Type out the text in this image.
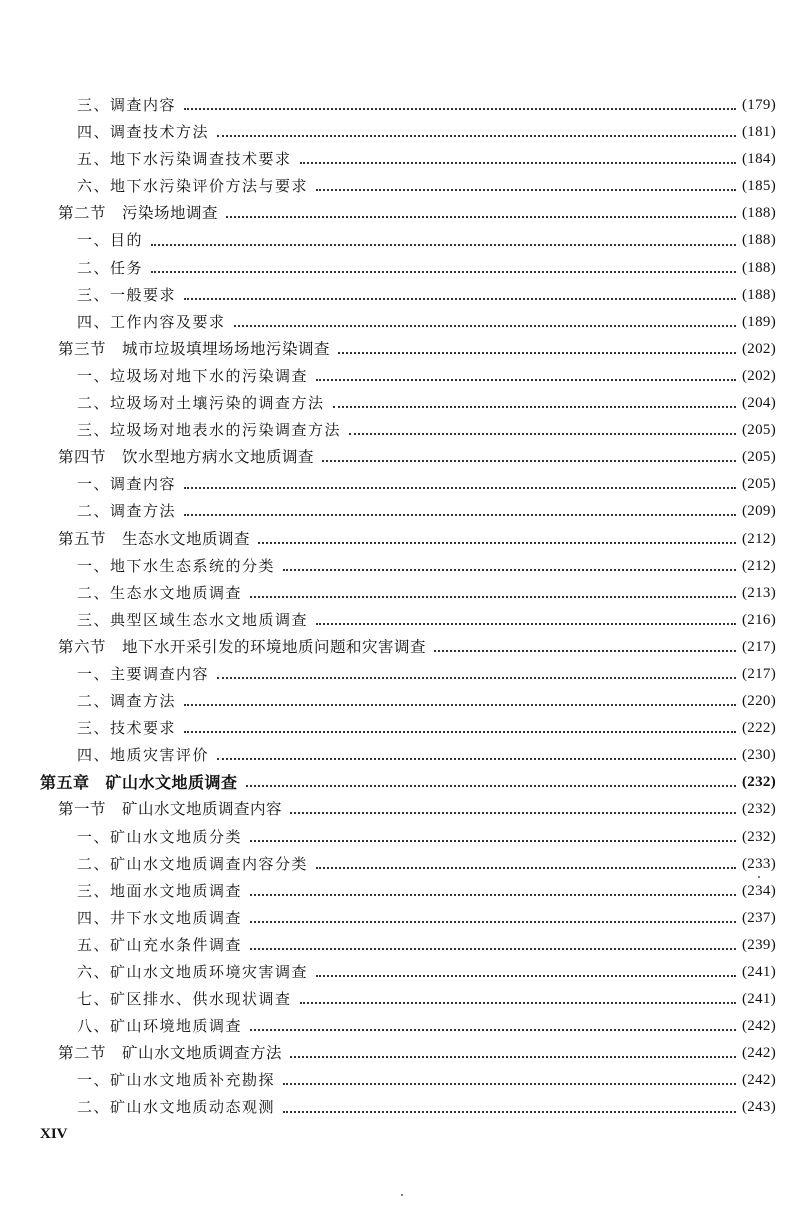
三、调查内容	(179)
四、调查技术方法	(181)
五、地下水污染调查技术要求	(184)
六、地下水污染评价方法与要求	(185)
第二节 污染场地调查	(188)
一、目的	(188)
二、任务	(188)
三、一般要求	(188)
四、工作内容及要求	(189)
第三节 城市垃圾填埋场场地污染调查	(202)
一、垃圾场对地下水的污染调查	(202)
二、垃圾场对土壤污染的调查方法	(204)
三、垃圾场对地表水的污染调查方法	(205)
第四节 饮水型地方病水文地质调查	(205)
一、调查内容	(205)
二、调查方法	(209)
第五节 生态水文地质调查	(212)
一、地下水生态系统的分类	(212)
二、生态水文地质调查	(213)
三、典型区域生态水文地质调查	(216)
第六节 地下水开采引发的环境地质问题和灾害调查	(217)
一、主要调查内容	(217)
二、调查方法	(220)
三、技术要求	(222)
四、地质灾害评价	(230)
第五章 矿山水文地质调查	(232)
第一节 矿山水文地质调查内容	(232)
一、矿山水文地质分类	(232)
二、矿山水文地质调查内容分类	(233)
三、地面水文地质调查	(234)
四、井下水文地质调查	(237)
五、矿山充水条件调查	(239)
六、矿山水文地质环境灾害调查	(241)
七、矿区排水、供水现状调查	(241)
八、矿山环境地质调查	(242)
第二节 矿山水文地质调查方法	(242)
一、矿山水文地质补充勘探	(242)
二、矿山水文地质动态观测	(243)
XIV
